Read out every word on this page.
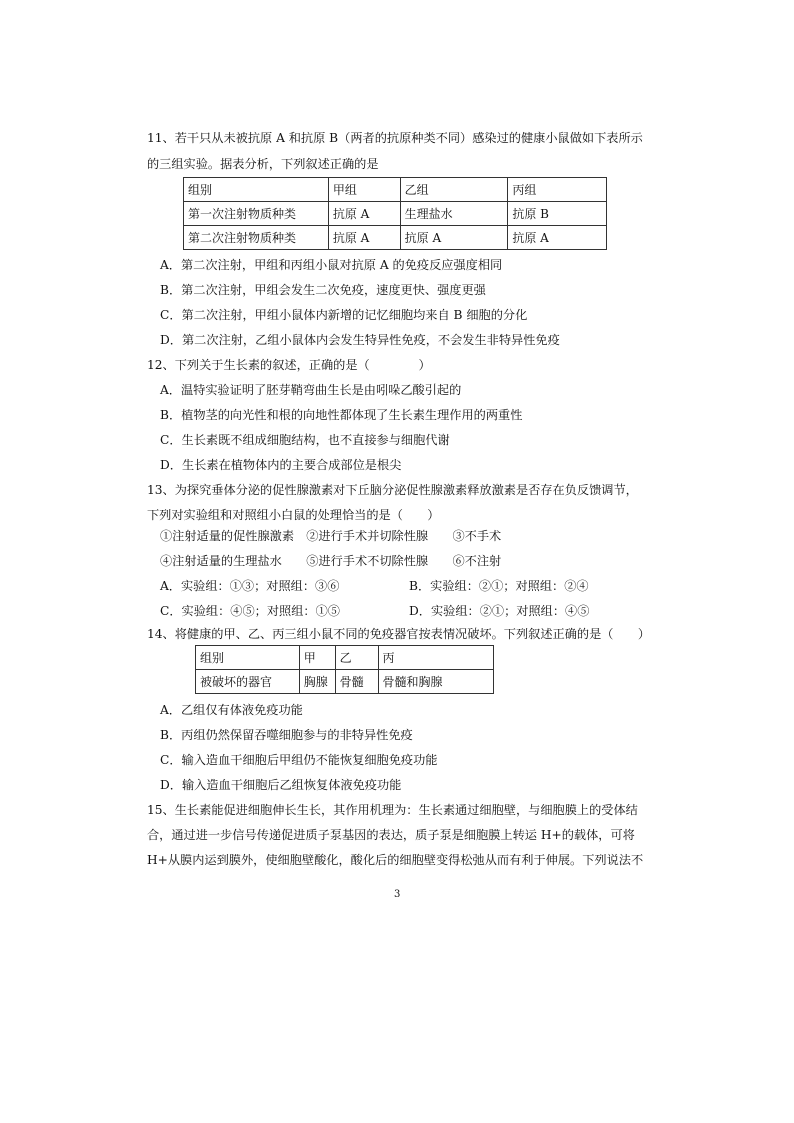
11、若干只从未被抗原 A 和抗原 B（两者的抗原种类不同）感染过的健康小鼠做如下表所示
的三组实验。据表分析，下列叙述正确的是
组别	甲组	乙组	丙组
第一次注射物质种类	抗原 A	生理盐水	抗原 B
第二次注射物质种类	抗原 A	抗原 A	抗原 A
A．第二次注射，甲组和丙组小鼠对抗原 A 的免疫反应强度相同
B．第二次注射，甲组会发生二次免疫，速度更快、强度更强
C．第二次注射，甲组小鼠体内新增的记忆细胞均来自 B 细胞的分化
D．第二次注射，乙组小鼠体内会发生特异性免疫，不会发生非特异性免疫
12、下列关于生长素的叙述，正确的是（　　　　）
A．温特实验证明了胚芽鞘弯曲生长是由吲哚乙酸引起的
B．植物茎的向光性和根的向地性都体现了生长素生理作用的两重性
C．生长素既不组成细胞结构，也不直接参与细胞代谢
D．生长素在植物体内的主要合成部位是根尖
13、为探究垂体分泌的促性腺激素对下丘脑分泌促性腺激素释放激素是否存在负反馈调节，
下列对实验组和对照组小白鼠的处理恰当的是（　　）
①注射适量的促性腺激素　②进行手术并切除性腺　　③不手术
④注射适量的生理盐水　　⑤进行手术不切除性腺　　⑥不注射
A．实验组：①③；对照组：③⑥	B．实验组：②①；对照组：②④
C．实验组：④⑤；对照组：①⑤	D．实验组：②①；对照组：④⑤
14、将健康的甲、乙、丙三组小鼠不同的免疫器官按表情况破坏。下列叙述正确的是（　　）
组别	甲	乙	丙
被破坏的器官	胸腺	骨髓	骨髓和胸腺
A．乙组仅有体液免疫功能
B．丙组仍然保留吞噬细胞参与的非特异性免疫
C．输入造血干细胞后甲组仍不能恢复细胞免疫功能
D．输入造血干细胞后乙组恢复体液免疫功能
15、生长素能促进细胞伸长生长，其作用机理为：生长素通过细胞壁，与细胞膜上的受体结
合，通过进一步信号传递促进质子泵基因的表达，质子泵是细胞膜上转运 H+的载体，可将
H+从膜内运到膜外，使细胞壁酸化，酸化后的细胞壁变得松弛从而有利于伸展。下列说法不
3
